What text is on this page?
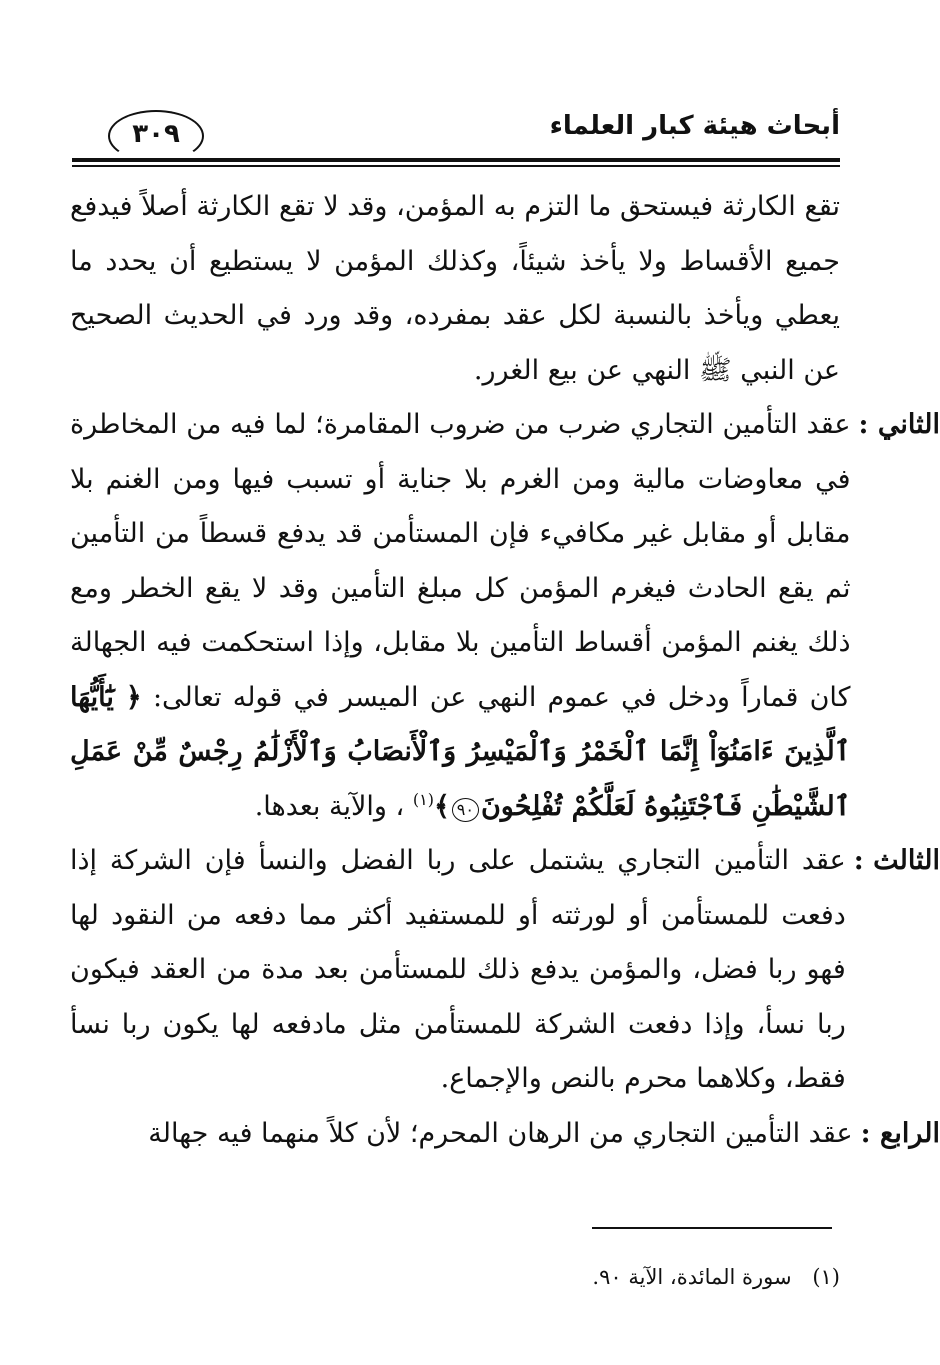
أبحاث هيئة كبار العلماء
٣٠٩

تقع الكارثة فيستحق ما التزم به المؤمن، وقد لا تقع الكارثة أصلاً فيدفع جميع الأقساط ولا يأخذ شيئاً، وكذلك المؤمن لا يستطيع أن يحدد ما يعطي ويأخذ بالنسبة لكل عقد بمفرده، وقد ورد في الحديث الصحيح عن النبي ﷺ النهي عن بيع الغرر.

الثاني :
عقد التأمين التجاري ضرب من ضروب المقامرة؛ لما فيه من المخاطرة في معاوضات مالية ومن الغرم بلا جناية أو تسبب فيها ومن الغنم بلا مقابل أو مقابل غير مكافيء فإن المستأمن قد يدفع قسطاً من التأمين ثم يقع الحادث فيغرم المؤمن كل مبلغ التأمين وقد لا يقع الخطر ومع ذلك يغنم المؤمن أقساط التأمين بلا مقابل، وإذا استحكمت فيه الجهالة كان قماراً ودخل في عموم النهي عن الميسر في قوله تعالى: ﴿ يَٰٓأَيُّهَا ٱلَّذِينَ ءَامَنُوٓاْ إِنَّمَا ٱلْخَمْرُ وَٱلْمَيْسِرُ وَٱلْأَنصَابُ وَٱلْأَزْلَٰمُ رِجْسٌ مِّنْ عَمَلِ ٱلشَّيْطَٰنِ فَٱجْتَنِبُوهُ لَعَلَّكُمْ تُفْلِحُونَ٩٠﴾$^{(١)}$ ، والآية بعدها.
الثالث :
عقد التأمين التجاري يشتمل على ربا الفضل والنسأ فإن الشركة إذا دفعت للمستأمن أو لورثته أو للمستفيد أكثر مما دفعه من النقود لها فهو ربا فضل، والمؤمن يدفع ذلك للمستأمن بعد مدة من العقد فيكون ربا نسأ، وإذا دفعت الشركة للمستأمن مثل مادفعه لها يكون ربا نسأ فقط، وكلاهما محرم بالنص والإجماع.
الرابع :
عقد التأمين التجاري من الرهان المحرم؛ لأن كلاً منهما فيه جهالة
(١) سورة المائدة، الآية ٩٠.
